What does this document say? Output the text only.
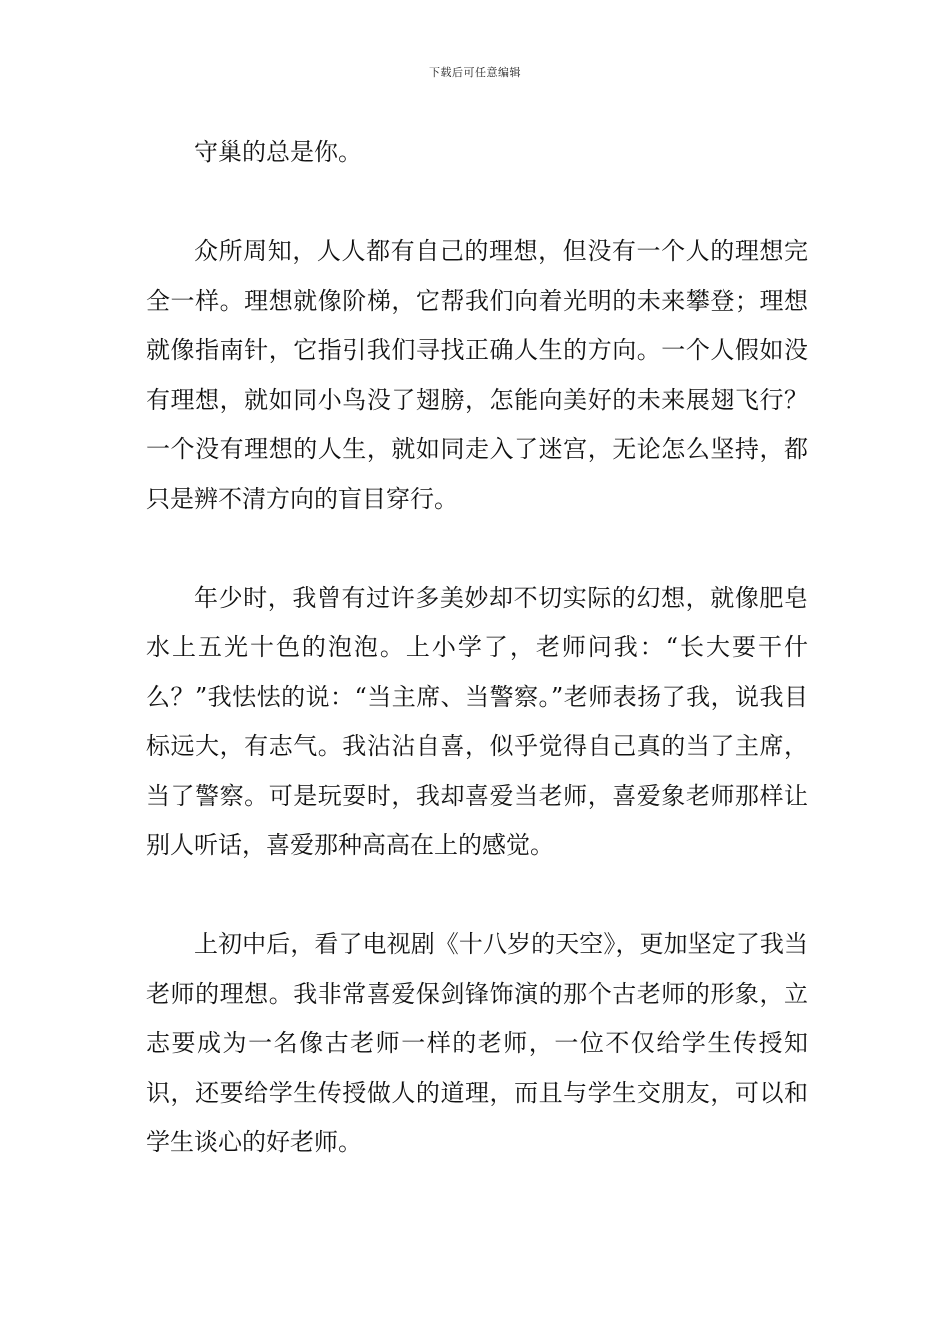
下载后可任意编辑

守巢的总是你。

众所周知，人人都有自己的理想，但没有一个人的理想完全一样。理想就像阶梯，它帮我们向着光明的未来攀登；理想就像指南针，它指引我们寻找正确人生的方向。一个人假如没有理想，就如同小鸟没了翅膀，怎能向美好的未来展翅飞行？一个没有理想的人生，就如同走入了迷宫，无论怎么坚持，都只是辨不清方向的盲目穿行。

年少时，我曾有过许多美妙却不切实际的幻想，就像肥皂水上五光十色的泡泡。上小学了，老师问我：“长大要干什么？”我怯怯的说：“当主席、当警察。”老师表扬了我，说我目标远大，有志气。我沾沾自喜，似乎觉得自己真的当了主席，当了警察。可是玩耍时，我却喜爱当老师，喜爱象老师那样让别人听话，喜爱那种高高在上的感觉。

上初中后，看了电视剧《十八岁的天空》，更加坚定了我当老师的理想。我非常喜爱保剑锋饰演的那个古老师的形象，立志要成为一名像古老师一样的老师，一位不仅给学生传授知识，还要给学生传授做人的道理，而且与学生交朋友，可以和学生谈心的好老师。
